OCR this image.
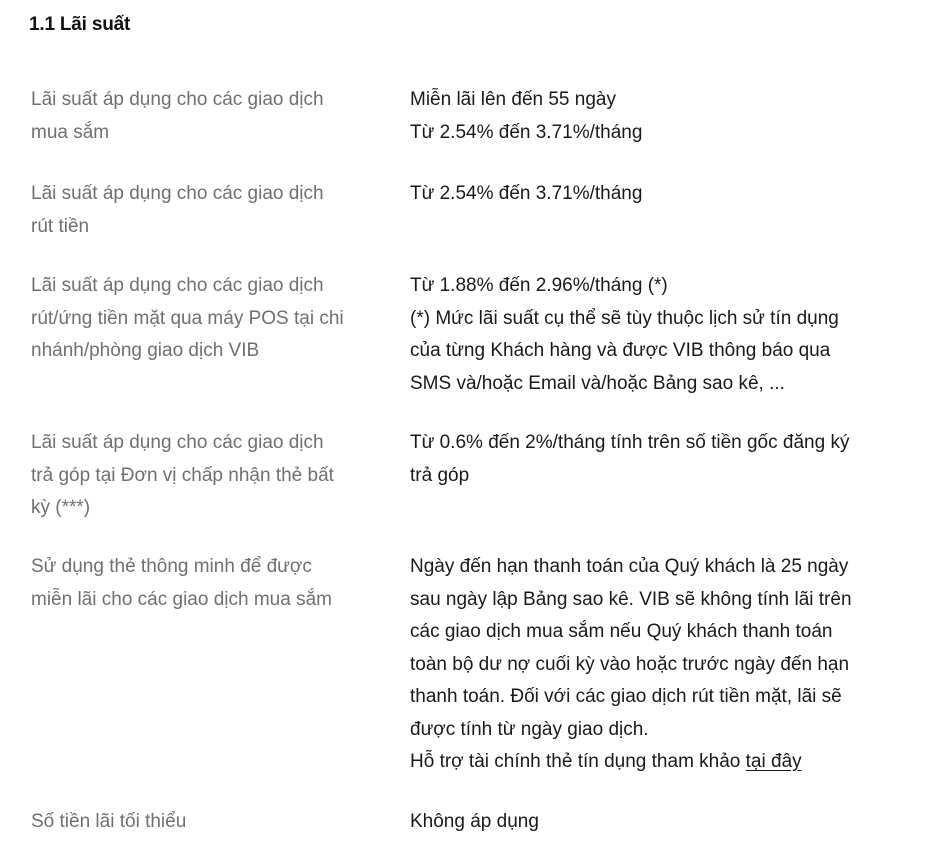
1.1 Lãi suất
Lãi suất áp dụng cho các giao dịch
mua sắm
Miễn lãi lên đến 55 ngày
Từ 2.54% đến 3.71%/tháng
Lãi suất áp dụng cho các giao dịch
rút tiền
Từ 2.54% đến 3.71%/tháng
Lãi suất áp dụng cho các giao dịch
rút/ứng tiền mặt qua máy POS tại chi
nhánh/phòng giao dịch VIB
Từ 1.88% đến 2.96%/tháng (*)
(*) Mức lãi suất cụ thể sẽ tùy thuộc lịch sử tín dụng
của từng Khách hàng và được VIB thông báo qua
SMS và/hoặc Email và/hoặc Bảng sao kê, ...
Lãi suất áp dụng cho các giao dịch
trả góp tại Đơn vị chấp nhận thẻ bất
kỳ (***)
Từ 0.6% đến 2%/tháng tính trên số tiền gốc đăng ký
trả góp
Sử dụng thẻ thông minh để được
miễn lãi cho các giao dịch mua sắm
Ngày đến hạn thanh toán của Quý khách là 25 ngày
sau ngày lập Bảng sao kê. VIB sẽ không tính lãi trên
các giao dịch mua sắm nếu Quý khách thanh toán
toàn bộ dư nợ cuối kỳ vào hoặc trước ngày đến hạn
thanh toán. Đối với các giao dịch rút tiền mặt, lãi sẽ
được tính từ ngày giao dịch.
Hỗ trợ tài chính thẻ tín dụng tham khảo tại đây
Số tiền lãi tối thiểu	Không áp dụng
